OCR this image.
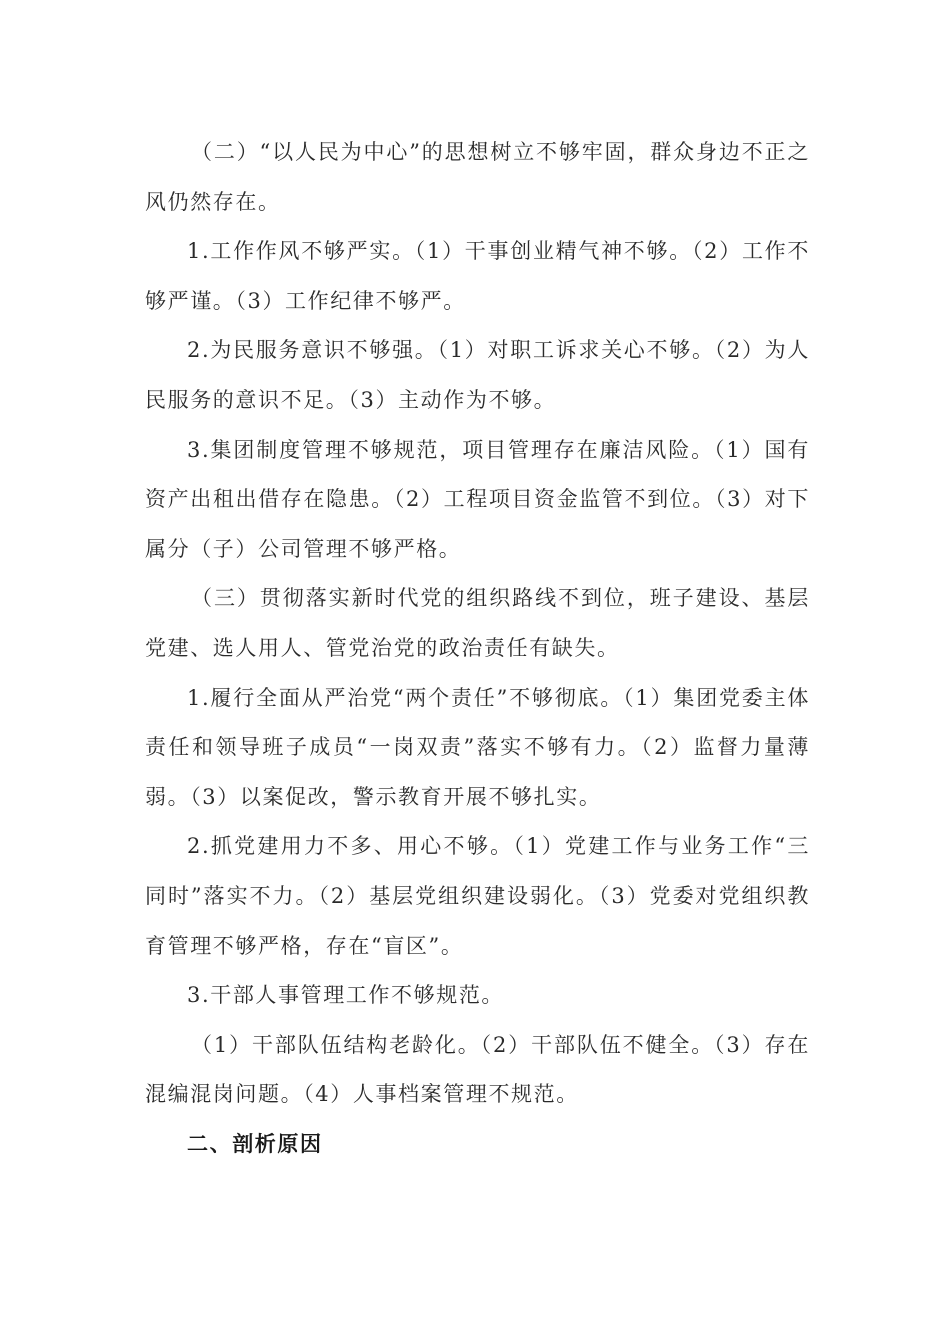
（二）“以人民为中心”的思想树立不够牢固，群众身边不正之风仍然存在。

1.工作作风不够严实。（1）干事创业精气神不够。（2）工作不够严谨。（3）工作纪律不够严。

2.为民服务意识不够强。（1）对职工诉求关心不够。（2）为人民服务的意识不足。（3）主动作为不够。

3.集团制度管理不够规范，项目管理存在廉洁风险。（1）国有资产出租出借存在隐患。（2）工程项目资金监管不到位。（3）对下属分（子）公司管理不够严格。

（三）贯彻落实新时代党的组织路线不到位，班子建设、基层党建、选人用人、管党治党的政治责任有缺失。

1.履行全面从严治党“两个责任”不够彻底。（1）集团党委主体责任和领导班子成员“一岗双责”落实不够有力。（2）监督力量薄弱。（3）以案促改，警示教育开展不够扎实。

2.抓党建用力不多、用心不够。（1）党建工作与业务工作“三同时”落实不力。（2）基层党组织建设弱化。（3）党委对党组织教育管理不够严格，存在“盲区”。

3.干部人事管理工作不够规范。

（1）干部队伍结构老龄化。（2）干部队伍不健全。（3）存在混编混岗问题。（4）人事档案管理不规范。

二、剖析原因
